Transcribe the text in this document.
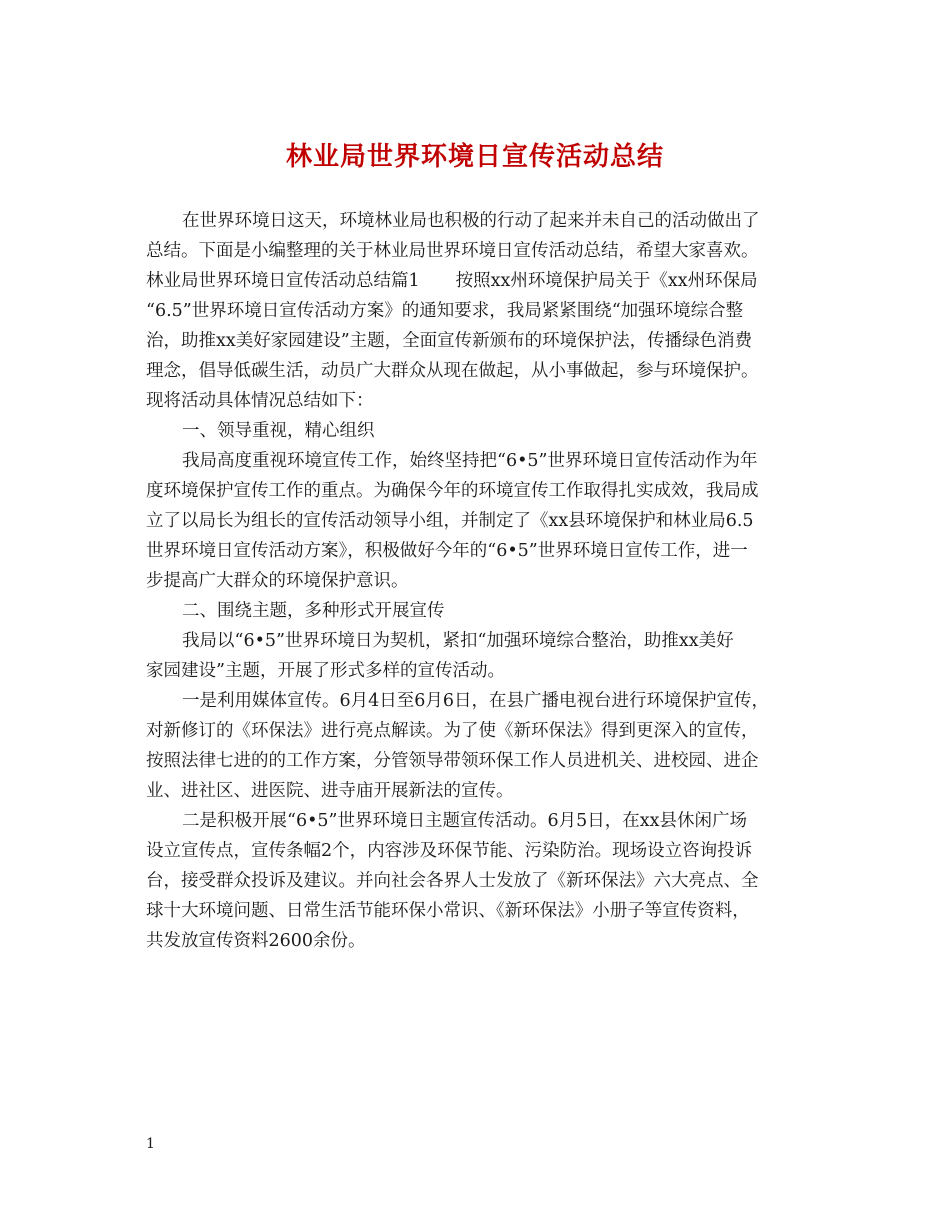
林业局世界环境日宣传活动总结
在世界环境日这天，环境林业局也积极的行动了起来并未自己的活动做出了
总结。下面是小编整理的关于林业局世界环境日宣传活动总结，希望大家喜欢。
林业局世界环境日宣传活动总结篇1 按照xx州环境保护局关于《xx州环保局
“6.5”世界环境日宣传活动方案》的通知要求，我局紧紧围绕“加强环境综合整
治，助推xx美好家园建设”主题，全面宣传新颁布的环境保护法，传播绿色消费
理念，倡导低碳生活，动员广大群众从现在做起，从小事做起，参与环境保护。
现将活动具体情况总结如下：
一、领导重视，精心组织
我局高度重视环境宣传工作，始终坚持把“6•5”世界环境日宣传活动作为年
度环境保护宣传工作的重点。为确保今年的环境宣传工作取得扎实成效，我局成
立了以局长为组长的宣传活动领导小组，并制定了《xx县环境保护和林业局6.5
世界环境日宣传活动方案》，积极做好今年的“6•5”世界环境日宣传工作，进一
步提高广大群众的环境保护意识。
二、围绕主题，多种形式开展宣传
我局以“6•5”世界环境日为契机，紧扣“加强环境综合整治，助推xx美好
家园建设”主题，开展了形式多样的宣传活动。
一是利用媒体宣传。6月4日至6月6日，在县广播电视台进行环境保护宣传，
对新修订的《环保法》进行亮点解读。为了使《新环保法》得到更深入的宣传，
按照法律七进的的工作方案，分管领导带领环保工作人员进机关、进校园、进企
业、进社区、进医院、进寺庙开展新法的宣传。
二是积极开展“6•5”世界环境日主题宣传活动。6月5日，在xx县休闲广场
设立宣传点，宣传条幅2个，内容涉及环保节能、污染防治。现场设立咨询投诉
台，接受群众投诉及建议。并向社会各界人士发放了《新环保法》六大亮点、全
球十大环境问题、日常生活节能环保小常识、《新环保法》小册子等宣传资料，
共发放宣传资料2600余份。
1
